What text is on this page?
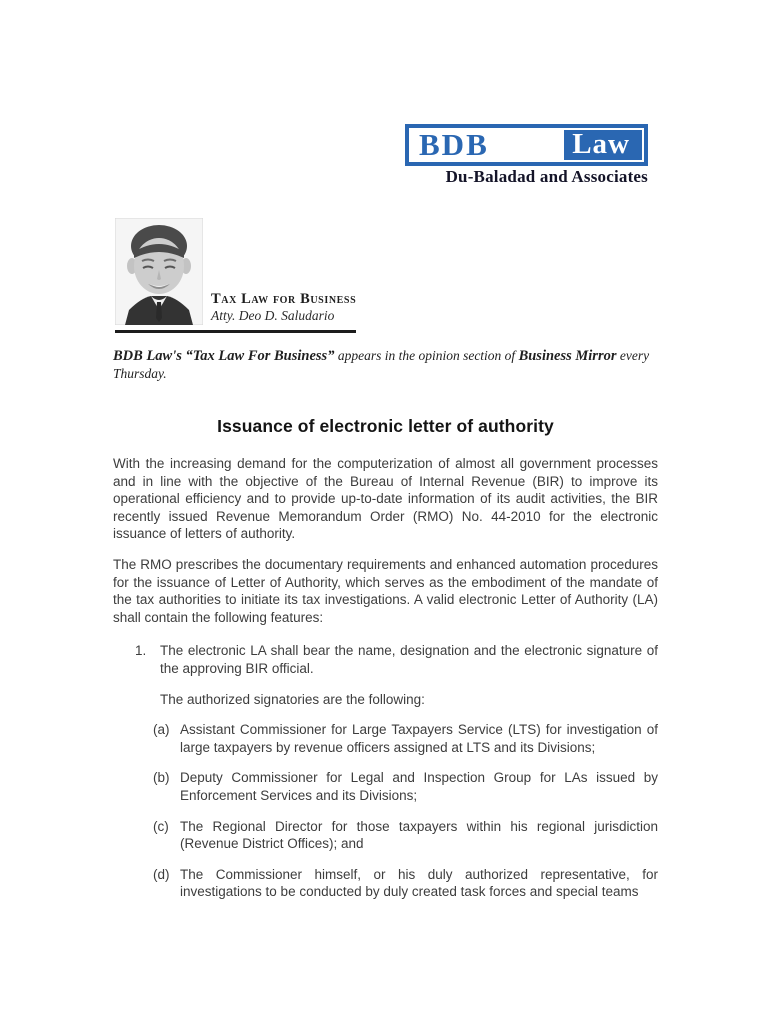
BDB	Law
Du-Baladad and Associates
Tax Law for Business
Atty. Deo D. Saludario

BDB Law's “Tax Law For Business” appears in the opinion section of Business Mirror every Thursday.

Issuance of electronic letter of authority

With the increasing demand for the computerization of almost all government processes and in line with the objective of the Bureau of Internal Revenue (BIR) to improve its operational efficiency and to provide up-to-date information of its audit activities, the BIR recently issued Revenue Memorandum Order (RMO) No. 44-2010 for the electronic issuance of letters of authority.

The RMO prescribes the documentary requirements and enhanced automation procedures for the issuance of Letter of Authority, which serves as the embodiment of the mandate of the tax authorities to initiate its tax investigations. A valid electronic Letter of Authority (LA) shall contain the following features:

1.	The electronic LA shall bear the name, designation and the electronic signature of the approving BIR official.

The authorized signatories are the following:

(a) Assistant Commissioner for Large Taxpayers Service (LTS) for investigation of large taxpayers by revenue officers assigned at LTS and its Divisions;
(b) Deputy Commissioner for Legal and Inspection Group for LAs issued by Enforcement Services and its Divisions;
(c) The Regional Director for those taxpayers within his regional jurisdiction (Revenue District Offices); and
(d) The Commissioner himself, or his duly authorized representative, for investigations to be conducted by duly created task forces and special teams
